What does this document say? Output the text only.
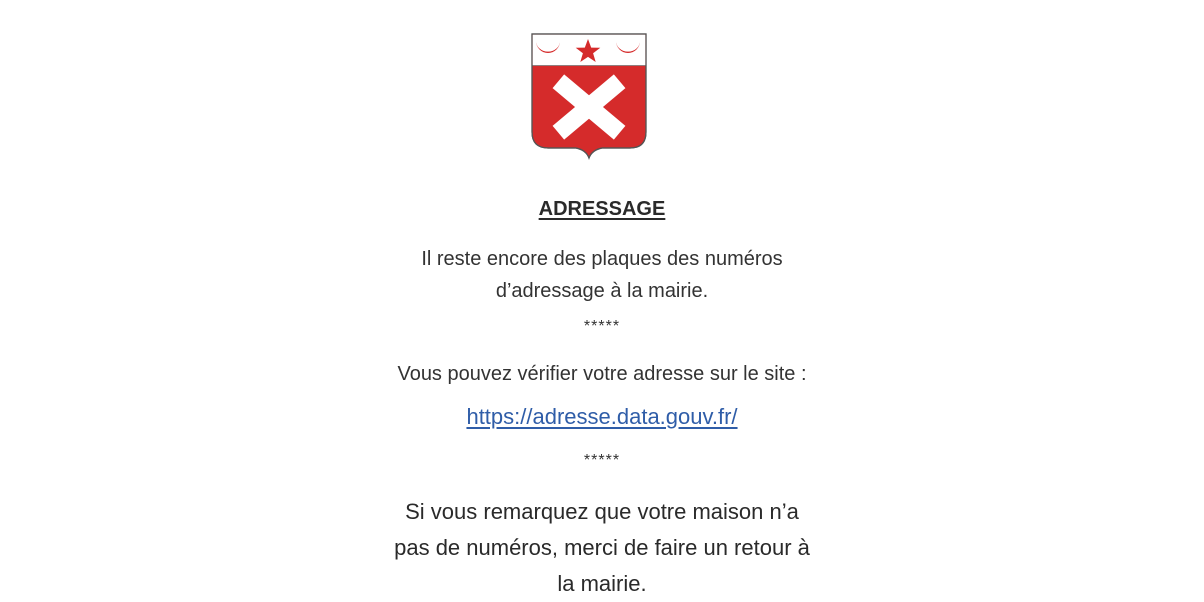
ADRESSAGE
Il reste encore des plaques des numéros
d’adressage à la mairie.
*****
Vous pouvez vérifier votre adresse sur le site :
https://adresse.data.gouv.fr/
*****
Si vous remarquez que votre maison n’a
pas de numéros, merci de faire un retour à
la mairie.
